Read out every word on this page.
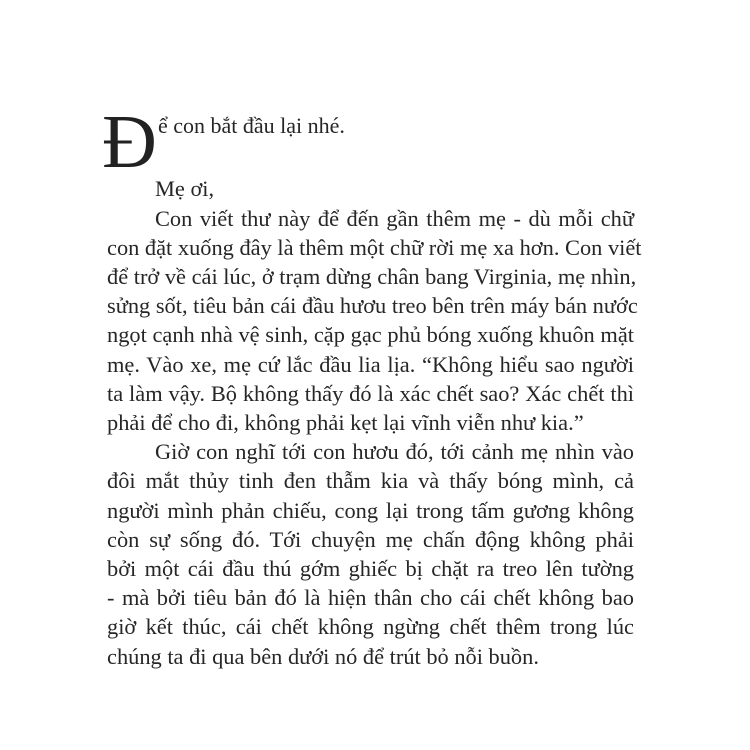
Đ ể con bắt đầu lại nhé.
Mẹ ơi,
Con viết thư này để đến gần thêm mẹ - dù mỗi chữ
con đặt xuống đây là thêm một chữ rời mẹ xa hơn. Con viết
để trở về cái lúc, ở trạm dừng chân bang Virginia, mẹ nhìn,
sửng sốt, tiêu bản cái đầu hươu treo bên trên máy bán nước
ngọt cạnh nhà vệ sinh, cặp gạc phủ bóng xuống khuôn mặt
mẹ. Vào xe, mẹ cứ lắc đầu lia lịa. “Không hiểu sao người
ta làm vậy. Bộ không thấy đó là xác chết sao? Xác chết thì
phải để cho đi, không phải kẹt lại vĩnh viễn như kia.”
Giờ con nghĩ tới con hươu đó, tới cảnh mẹ nhìn vào
đôi mắt thủy tinh đen thẫm kia và thấy bóng mình, cả
người mình phản chiếu, cong lại trong tấm gương không
còn sự sống đó. Tới chuyện mẹ chấn động không phải
bởi một cái đầu thú gớm ghiếc bị chặt ra treo lên tường
- mà bởi tiêu bản đó là hiện thân cho cái chết không bao
giờ kết thúc, cái chết không ngừng chết thêm trong lúc
chúng ta đi qua bên dưới nó để trút bỏ nỗi buồn.
